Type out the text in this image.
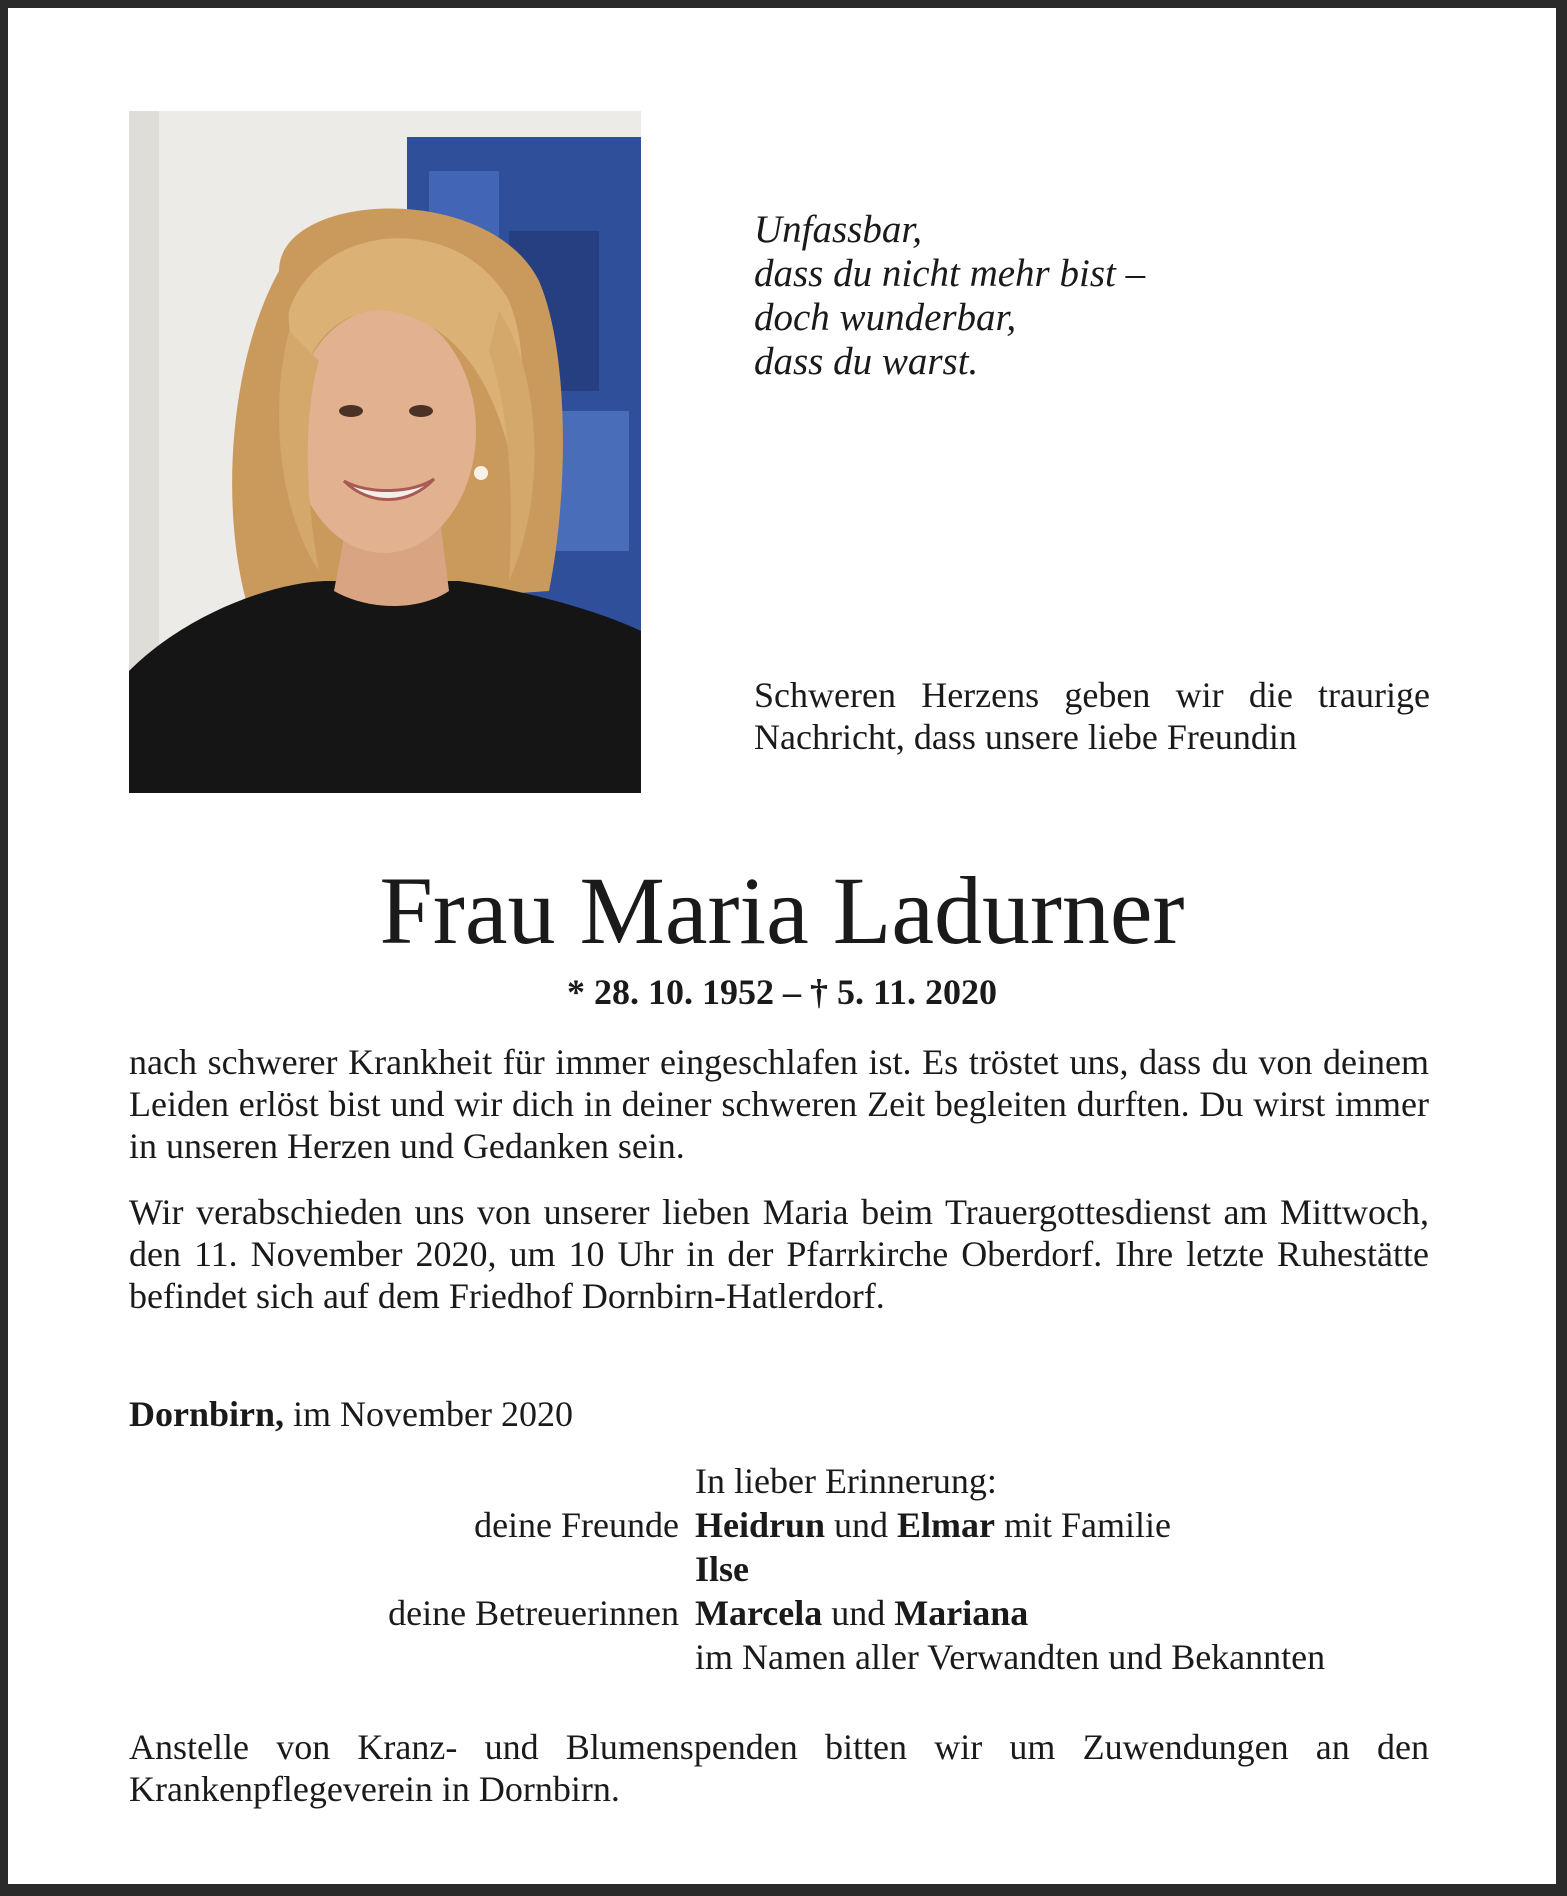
Unfassbar,
dass du nicht mehr bist –
doch wunderbar,
dass du warst.
Schweren Herzens geben wir die traurige Nachricht, dass unsere liebe Freundin
Frau Maria Ladurner
* 28. 10. 1952 – † 5. 11. 2020
nach schwerer Krankheit für immer eingeschlafen ist. Es tröstet uns, dass du von deinem Leiden erlöst bist und wir dich in deiner schweren Zeit begleiten durften. Du wirst immer in unseren Herzen und Gedanken sein.
Wir verabschieden uns von unserer lieben Maria beim Trauergottesdienst am Mittwoch, den 11. November 2020, um 10 Uhr in der Pfarrkirche Oberdorf. Ihre letzte Ruhestätte befindet sich auf dem Friedhof Dornbirn-Hatlerdorf.
Dornbirn, im November 2020
In lieber Erinnerung:
deine Freunde Heidrun und Elmar mit Familie
Ilse
deine Betreuerinnen Marcela und Mariana
im Namen aller Verwandten und Bekannten
Anstelle von Kranz- und Blumenspenden bitten wir um Zuwendungen an den Krankenpflegeverein in Dornbirn.
